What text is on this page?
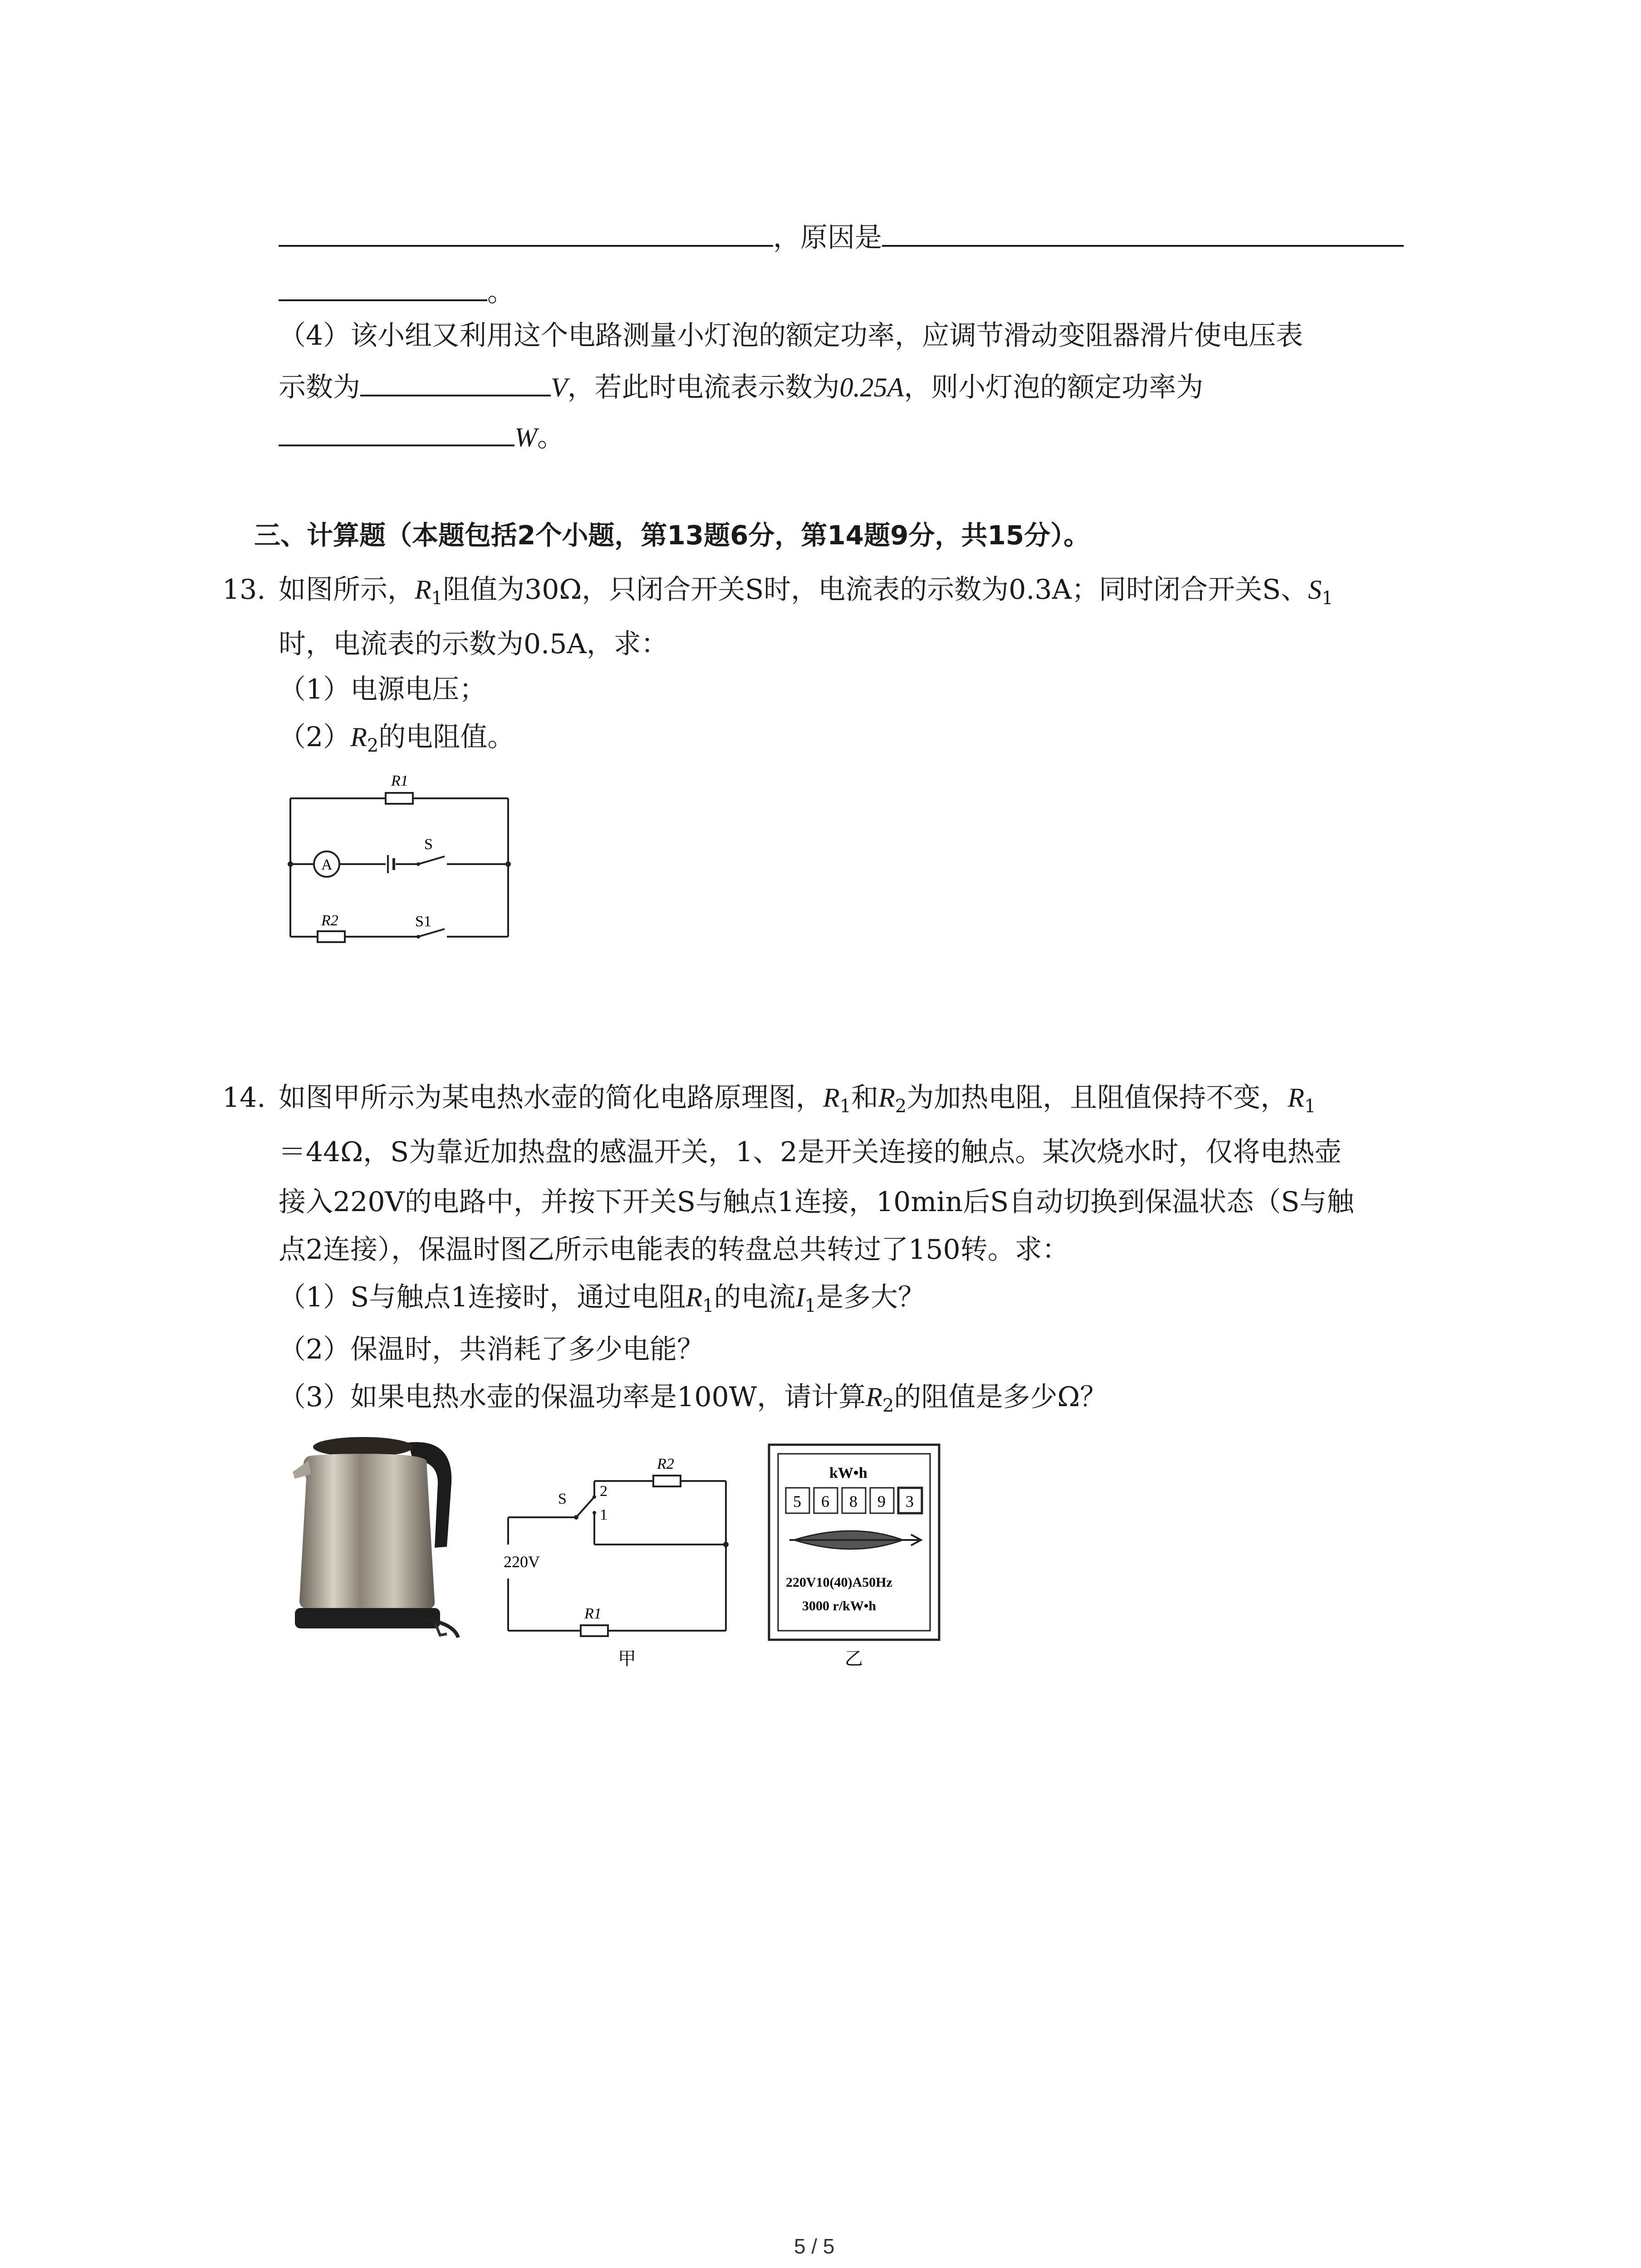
，原因是
。
（4）该小组又利用这个电路测量小灯泡的额定功率，应调节滑动变阻器滑片使电压表
示数为	V，若此时电流表示数为0.25A，则小灯泡的额定功率为
W。
三、计算题（本题包括2个小题，第13题6分，第14题9分，共15分）。
13. 如图所示，$R_1$阻值为30Ω，只闭合开关S时，电流表的示数为0.3A；同时闭合开关S、$S_1$
时，电流表的示数为0.5A，求：
（1）电源电压；
$(2)R_2$的电阻值。
R1
A
S
R2	S1
14. 如图甲所示为某电热水壶的简化电路原理图，$R_1$和$R_2$为加热电阻，且阻值保持不变，$R_1$
＝44Ω，S为靠近加热盘的感温开关，1、2是开关连接的触点。某次烧水时，仅将电热壶
接入220V的电路中，并按下开关S与触点1连接，10min后S自动切换到保温状态（S与触
点2连接），保温时图乙所示电能表的转盘总共转过了150转。求：
（1）S与触点1连接时，通过电阻$R_1$的电流$I_1$是多大？
（2）保温时，共消耗了多少电能？
（3）如果电热水壶的保温功率是100W，请计算$R_2$的阻值是多少Ω？
R2
R1
S 2
1
220V
甲
kW•h
5 6 8 9 3
220V10(40)A50Hz
3000 r/kW•h
乙
5 / 5
